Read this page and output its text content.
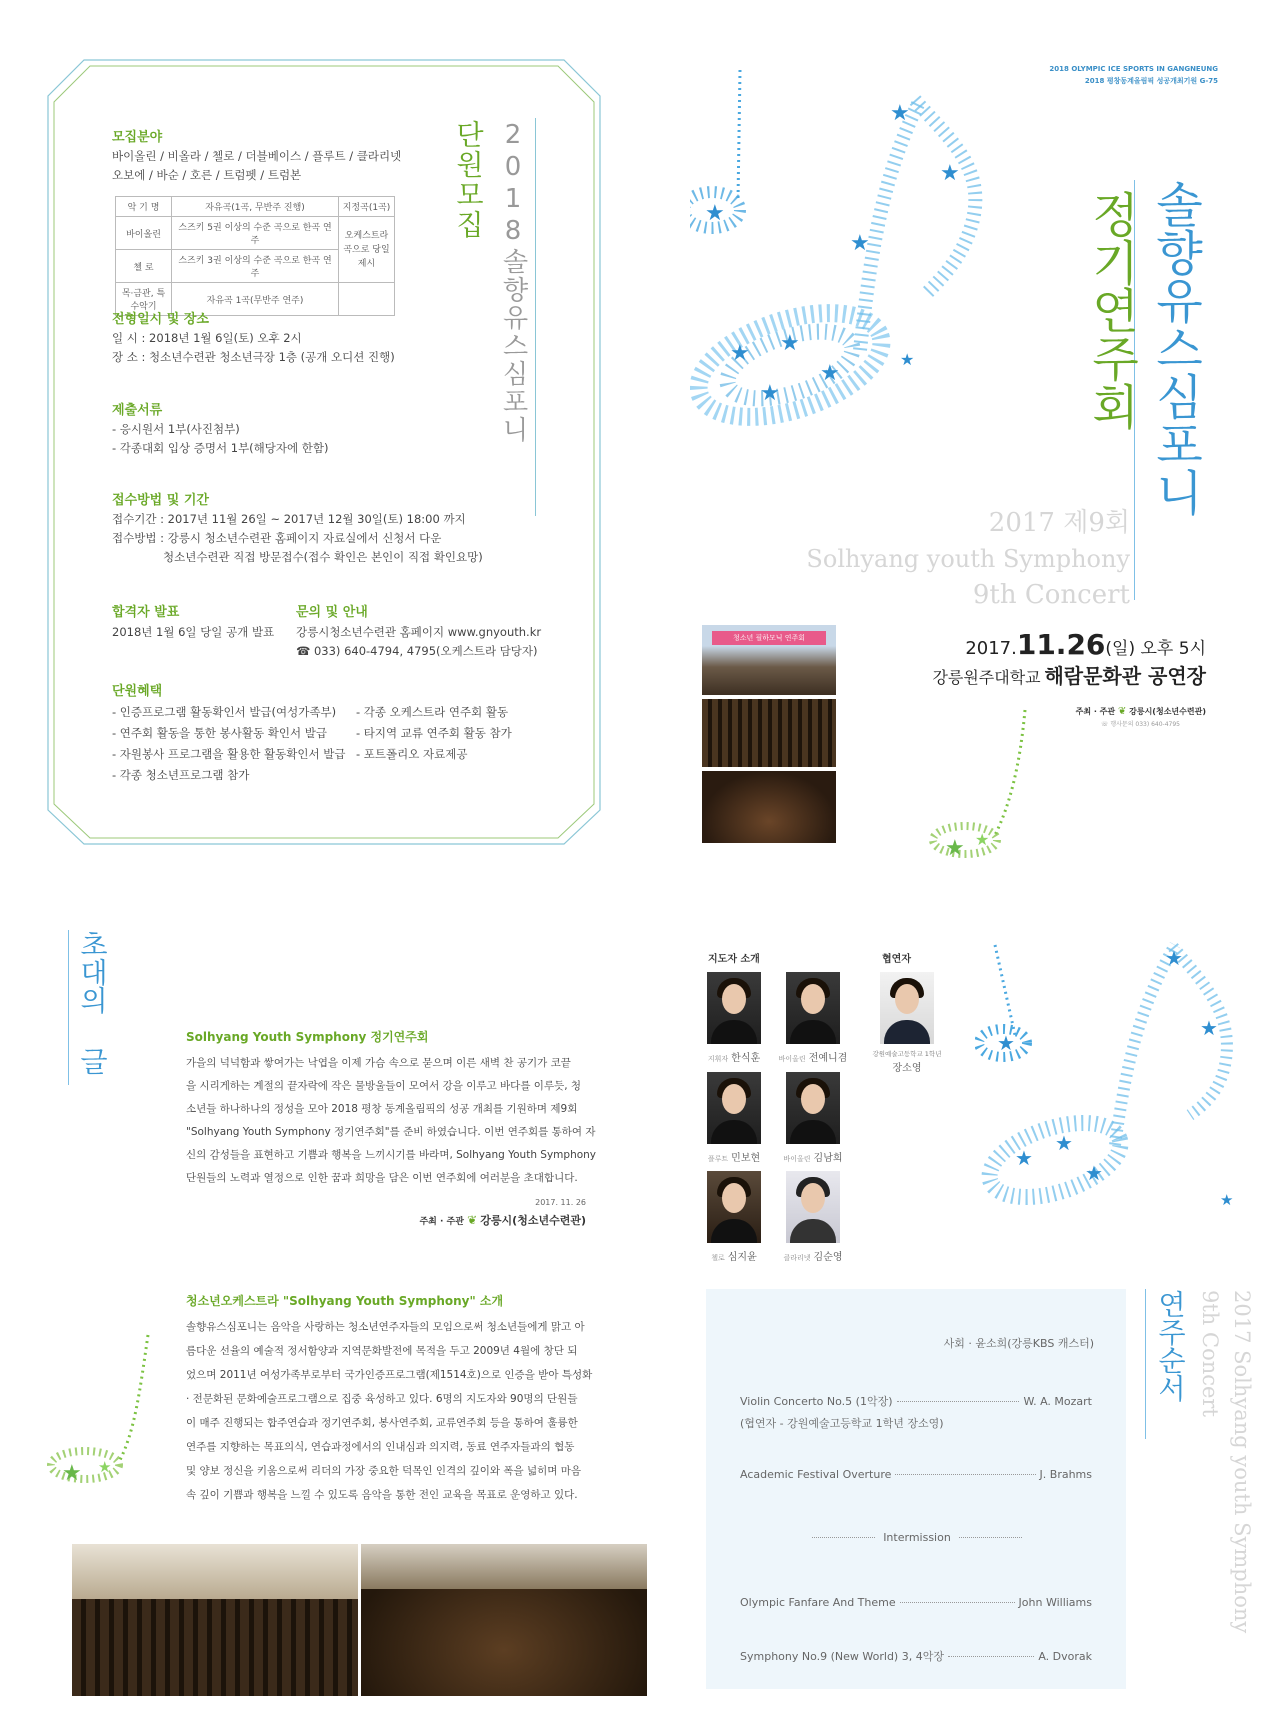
단원모집 2018솔향유스심포니
모집분야
바이올린 / 비올라 / 첼로 / 더블베이스 / 플루트 / 클라리넷
오보에 / 바순 / 호른 / 트럼펫 / 트럼본
악 기 명	자유곡(1곡, 무반주 진행)	지정곡(1곡)
바이올린	스즈키 5권 이상의 수준 곡으로 한곡 연주	오케스트라 곡으로 당일 제시
첼 로	스즈키 3권 이상의 수준 곡으로 한곡 연주	
목·금관, 특수악기	자유곡 1곡(무반주 연주)	
전형일시 및 장소
일 시 : 2018년 1월 6일(토) 오후 2시
장 소 : 청소년수련관 청소년극장 1층 (공개 오디션 진행)
제출서류
- 응시원서 1부(사진첨부)
- 각종대회 입상 증명서 1부(해당자에 한함)
접수방법 및 기간
접수기간 : 2017년 11월 26일 ~ 2017년 12월 30일(토) 18:00 까지
접수방법 : 강릉시 청소년수련관 홈페이지 자료실에서 신청서 다운
청소년수련관 직접 방문접수(접수 확인은 본인이 직접 확인요망)
합격자 발표
2018년 1월 6일 당일 공개 발표
문의 및 안내
강릉시청소년수련관 홈페이지 www.gnyouth.kr
☎ 033) 640-4794, 4795(오케스트라 담당자)
단원혜택
- 인증프로그램 활동확인서 발급(여성가족부)
- 연주회 활동을 통한 봉사활동 확인서 발급
- 자원봉사 프로그램을 활용한 활동확인서 발급
- 각종 청소년프로그램 참가
- 각종 오케스트라 연주회 활동
- 타지역 교류 연주회 활동 참가
- 포트폴리오 자료제공
2018 OLYMPIC ICE SPORTS IN GANGNEUNG
2018 평창동계올림픽 성공개최기원 G-75
★ ★
★
★
★
★
★
★
★	솔향유스심포니
정기연주회
2017 제9회
Solhyang youth Symphony
9th Concert
청소년 필하모닉 연주회	2017.11.26(일) 오후 5시
강릉원주대학교 해람문화관 공연장
주최 · 주관 ❦ 강릉시(청소년수련관)
☏ 행사문의 033) 640-4795
★ ★
초대의 글	Solhyang Youth Symphony 정기연주회
가을의 넉넉함과 쌓여가는 낙엽을 이제 가슴 속으로 묻으며 이른 새벽 찬 공기가 코끝
을 시리게하는 계절의 끝자락에 작은 물방울들이 모여서 강을 이루고 바다를 이루듯, 청
소년들 하나하나의 정성을 모아 2018 평창 동계올림픽의 성공 개최를 기원하며 제9회
"Solhyang Youth Symphony 정기연주회"를 준비 하였습니다. 이번 연주회를 통하여 자
신의 감성들을 표현하고 기쁨과 행복을 느끼시기를 바라며, Solhyang Youth Symphony
단원들의 노력과 열정으로 인한 꿈과 희망을 담은 이번 연주회에 여러분을 초대합니다.
2017. 11. 26
주최 · 주관 ❦ 강릉시(청소년수련관)
청소년오케스트라 "Solhyang Youth Symphony" 소개
솔향유스심포니는 음악을 사랑하는 청소년연주자들의 모임으로써 청소년들에게 맑고 아
름다운 선율의 예술적 정서함양과 지역문화발전에 목적을 두고 2009년 4월에 창단 되
었으며 2011년 여성가족부로부터 국가인증프로그램(제1514호)으로 인증을 받아 특성화
· 전문화된 문화예술프로그램으로 집중 육성하고 있다. 6명의 지도자와 90명의 단원들
이 매주 진행되는 합주연습과 정기연주회, 봉사연주회, 교류연주회 등을 통하여 훌륭한
연주를 지향하는 목표의식, 연습과정에서의 인내심과 의지력, 동료 연주자들과의 협동
및 양보 정신을 키움으로써 리더의 가장 중요한 덕목인 인격의 깊이와 폭을 넓히며 마음
속 깊이 기쁨과 행복을 느낄 수 있도록 음악을 통한 전인 교육을 목표로 운영하고 있다.
★ ★
지도자 소개	협연자
지휘자 한식훈	바이올린 전예니겸
플루트 민보현	바이올린 김남희
첼로 심지윤	클라리넷 김순영
강원예술고등학교 1학년
장소영
★
★
★
★
★
★
★
연주순서 2017 Solhyang youth Symphony
9th Concert
사회 · 윤소희(강릉KBS 캐스터)
Violin Concerto No.5 (1악장)	W. A. Mozart
(협연자 - 강원예술고등학교 1학년 장소영)
Academic Festival Overture	J. Brahms
Intermission
Olympic Fanfare And Theme	John Williams
Symphony No.9 (New World) 3, 4악장	A. Dvorak
